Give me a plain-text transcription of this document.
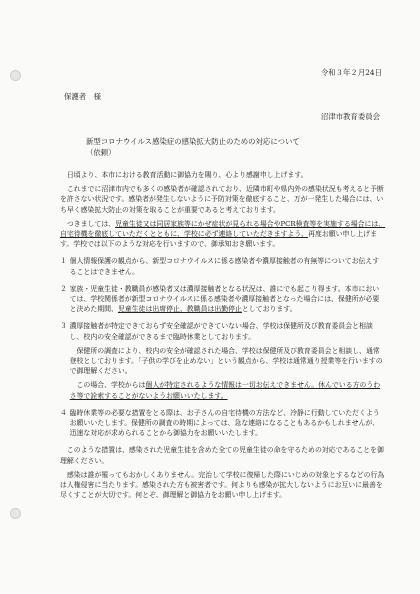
令和３年２月24日
保護者　様
沼津市教育委員会
新型コロナウイルス感染症の感染拡大防止のための対応について
（依頼）

日頃より、本市における教育活動に御協力を賜り、心より感謝申し上げます。

これまでに沼津市内でも多くの感染者が確認されており、近隣市町や県内外の感染状況も考えると予断を許さない状況です。感染者が発生しないように予防対策を徹底すること、万が一発生した場合には、いち早く感染拡大防止の対策を取ることが重要であると考えております。

つきましては、児童生徒又は同居家族等にかぜ症状が見られる場合やPCR検査等を実施する場合には、自宅待機を徹底していただくとともに、学校に必ず連絡していただきますよう、再度お願い申し上げます。学校では以下のような対応を行いますので、御承知おき願います。

１ 個人情報保護の観点から、新型コロナウイルスに係る感染者や濃厚接触者の有無等についてお伝えすることはできません。

２ 家族・児童生徒・教職員が感染者又は濃厚接触者となる状況は、誰にでも起こり得ます。本市においては、学校関係者が新型コロナウイルスに係る感染者や濃厚接触者となった場合には、保健所が必要と決めた期間、児童生徒は出席停止、教職員は出勤停止としております。

３ 濃厚接触者が特定できておらず安全確認ができていない場合、学校は保健所及び教育委員会と相談し、校内の安全確認ができるまで臨時休業としております。

保健所の調査により、校内の安全が確認された場合、学校は保健所及び教育委員会と相談し、通常登校としております。「子供の学びを止めない」という観点から、学校は通常通り授業等を行いますので御理解ください。

この場合、学校からは個人が特定されるような情報は一切お伝えできません。休んでいる方のうわさ等で詮索することがないようお願いいたします。

４ 臨時休業等の必要な措置をとる際は、お子さんの自宅待機の方法など、冷静に行動していただくようお願いいたします。保健所の調査の時期によっては、急な連絡になることもあるかもしれませんが、迅速な対応が求められることから御協力をお願いいたします。

このような措置は、感染された児童生徒を含めた全ての児童生徒の命を守るための対応であることを御理解ください。

感染は誰が罹ってもおかしくありません。完治して学校に復帰した際にいじめの対象とするなどの行為は人権侵害に当たります。感染された方も被害者です。何よりも感染が拡大しないようにお互いに最善を尽くすことが大切です。何とぞ、御理解と御協力をお願い申し上げます。
